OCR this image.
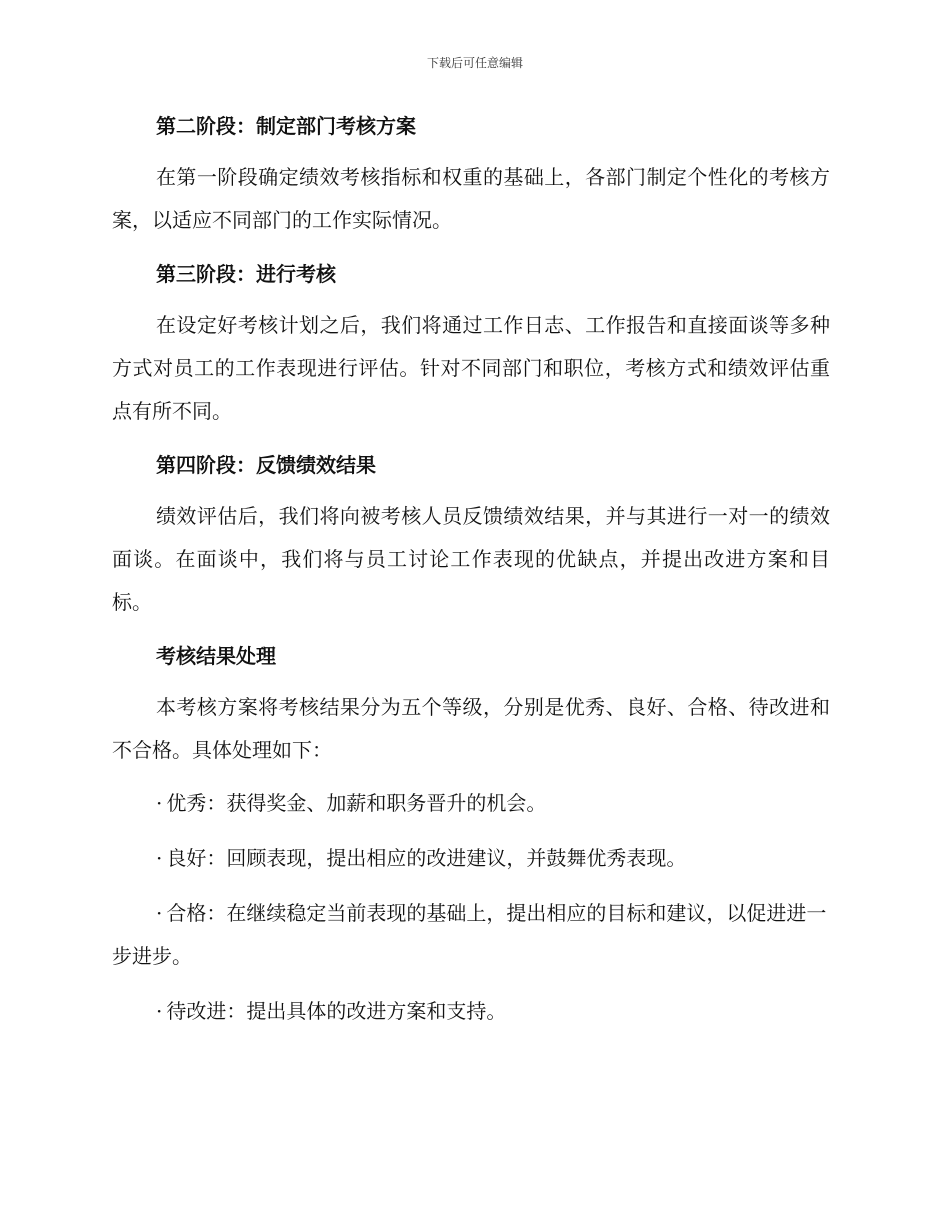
下载后可任意编辑
第二阶段：制定部门考核方案

在第一阶段确定绩效考核指标和权重的基础上，各部门制定个性化的考核方案，以适应不同部门的工作实际情况。

第三阶段：进行考核

在设定好考核计划之后，我们将通过工作日志、工作报告和直接面谈等多种方式对员工的工作表现进行评估。针对不同部门和职位，考核方式和绩效评估重点有所不同。

第四阶段：反馈绩效结果

绩效评估后，我们将向被考核人员反馈绩效结果，并与其进行一对一的绩效面谈。在面谈中，我们将与员工讨论工作表现的优缺点，并提出改进方案和目标。

考核结果处理

本考核方案将考核结果分为五个等级，分别是优秀、良好、合格、待改进和不合格。具体处理如下：

· 优秀：获得奖金、加薪和职务晋升的机会。

· 良好：回顾表现，提出相应的改进建议，并鼓舞优秀表现。

· 合格：在继续稳定当前表现的基础上，提出相应的目标和建议，以促进进一步进步。

· 待改进：提出具体的改进方案和支持。
